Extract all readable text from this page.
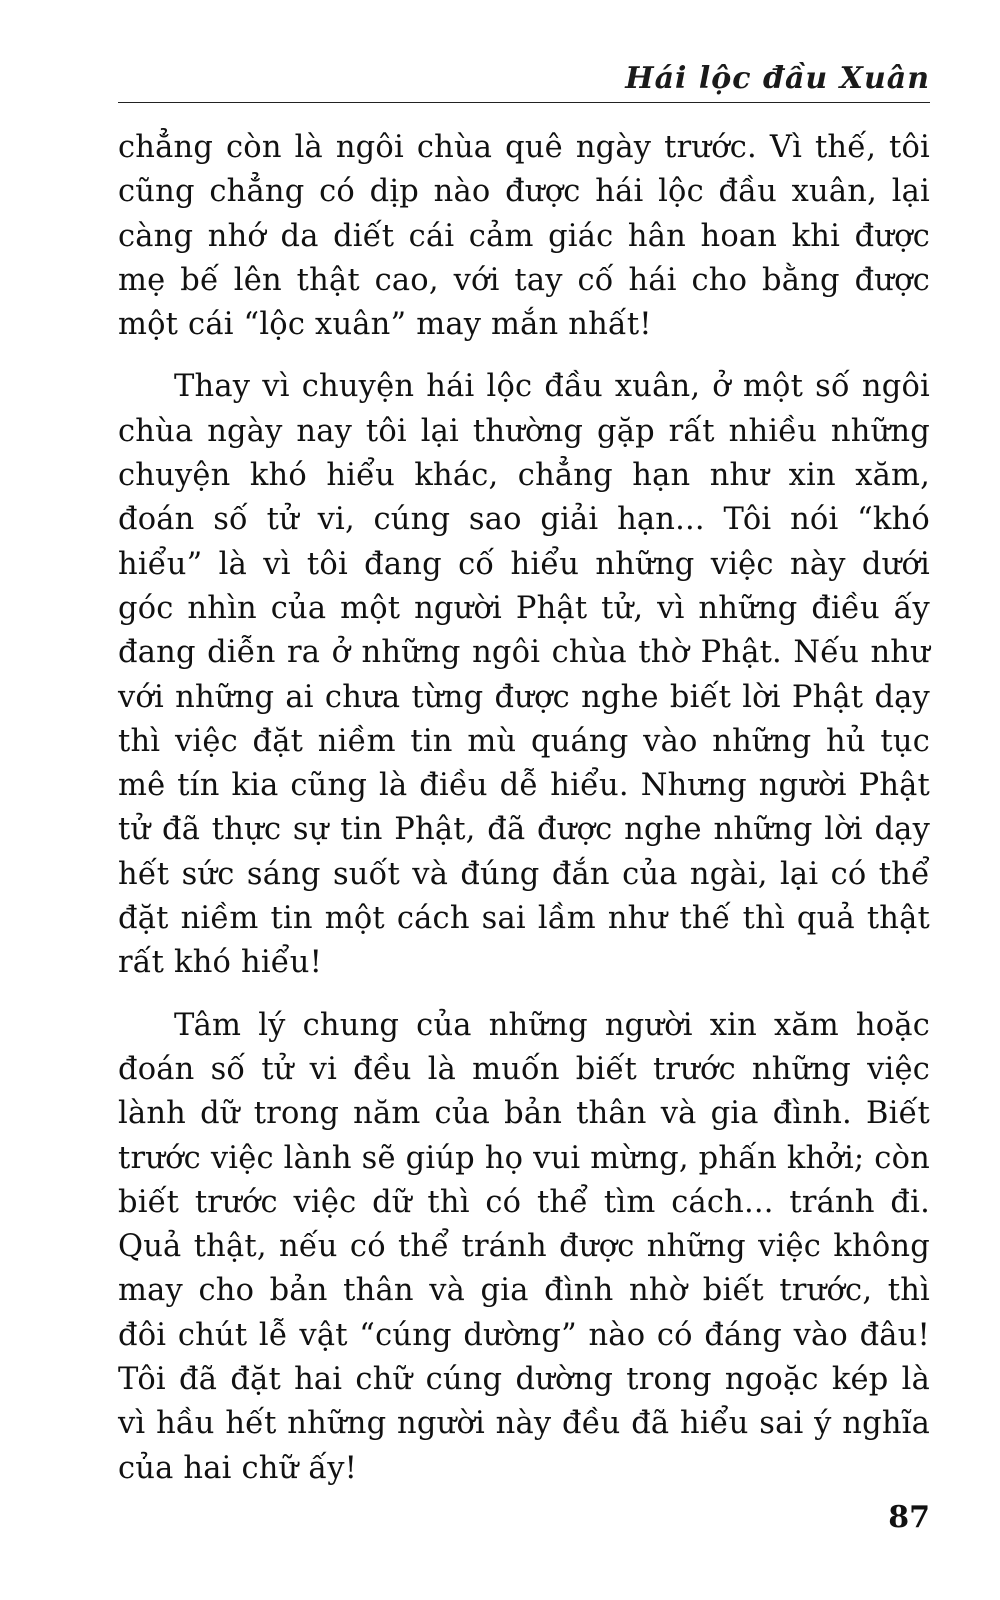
Hái lộc đầu Xuân

chẳng còn là ngôi chùa quê ngày trước. Vì thế, tôi cũng chẳng có dịp nào được hái lộc đầu xuân, lại càng nhớ da diết cái cảm giác hân hoan khi được mẹ bế lên thật cao, với tay cố hái cho bằng được một cái “lộc xuân” may mắn nhất!

Thay vì chuyện hái lộc đầu xuân, ở một số ngôi chùa ngày nay tôi lại thường gặp rất nhiều những chuyện khó hiểu khác, chẳng hạn như xin xăm, đoán số tử vi, cúng sao giải hạn... Tôi nói “khó hiểu” là vì tôi đang cố hiểu những việc này dưới góc nhìn của một người Phật tử, vì những điều ấy đang diễn ra ở những ngôi chùa thờ Phật. Nếu như với những ai chưa từng được nghe biết lời Phật dạy thì việc đặt niềm tin mù quáng vào những hủ tục mê tín kia cũng là điều dễ hiểu. Nhưng người Phật tử đã thực sự tin Phật, đã được nghe những lời dạy hết sức sáng suốt và đúng đắn của ngài, lại có thể đặt niềm tin một cách sai lầm như thế thì quả thật rất khó hiểu!

Tâm lý chung của những người xin xăm hoặc đoán số tử vi đều là muốn biết trước những việc lành dữ trong năm của bản thân và gia đình. Biết trước việc lành sẽ giúp họ vui mừng, phấn khởi; còn biết trước việc dữ thì có thể tìm cách... tránh đi. Quả thật, nếu có thể tránh được những việc không may cho bản thân và gia đình nhờ biết trước, thì đôi chút lễ vật “cúng dường” nào có đáng vào đâu! Tôi đã đặt hai chữ cúng dường trong ngoặc kép là vì hầu hết những người này đều đã hiểu sai ý nghĩa của hai chữ ấy!

87
